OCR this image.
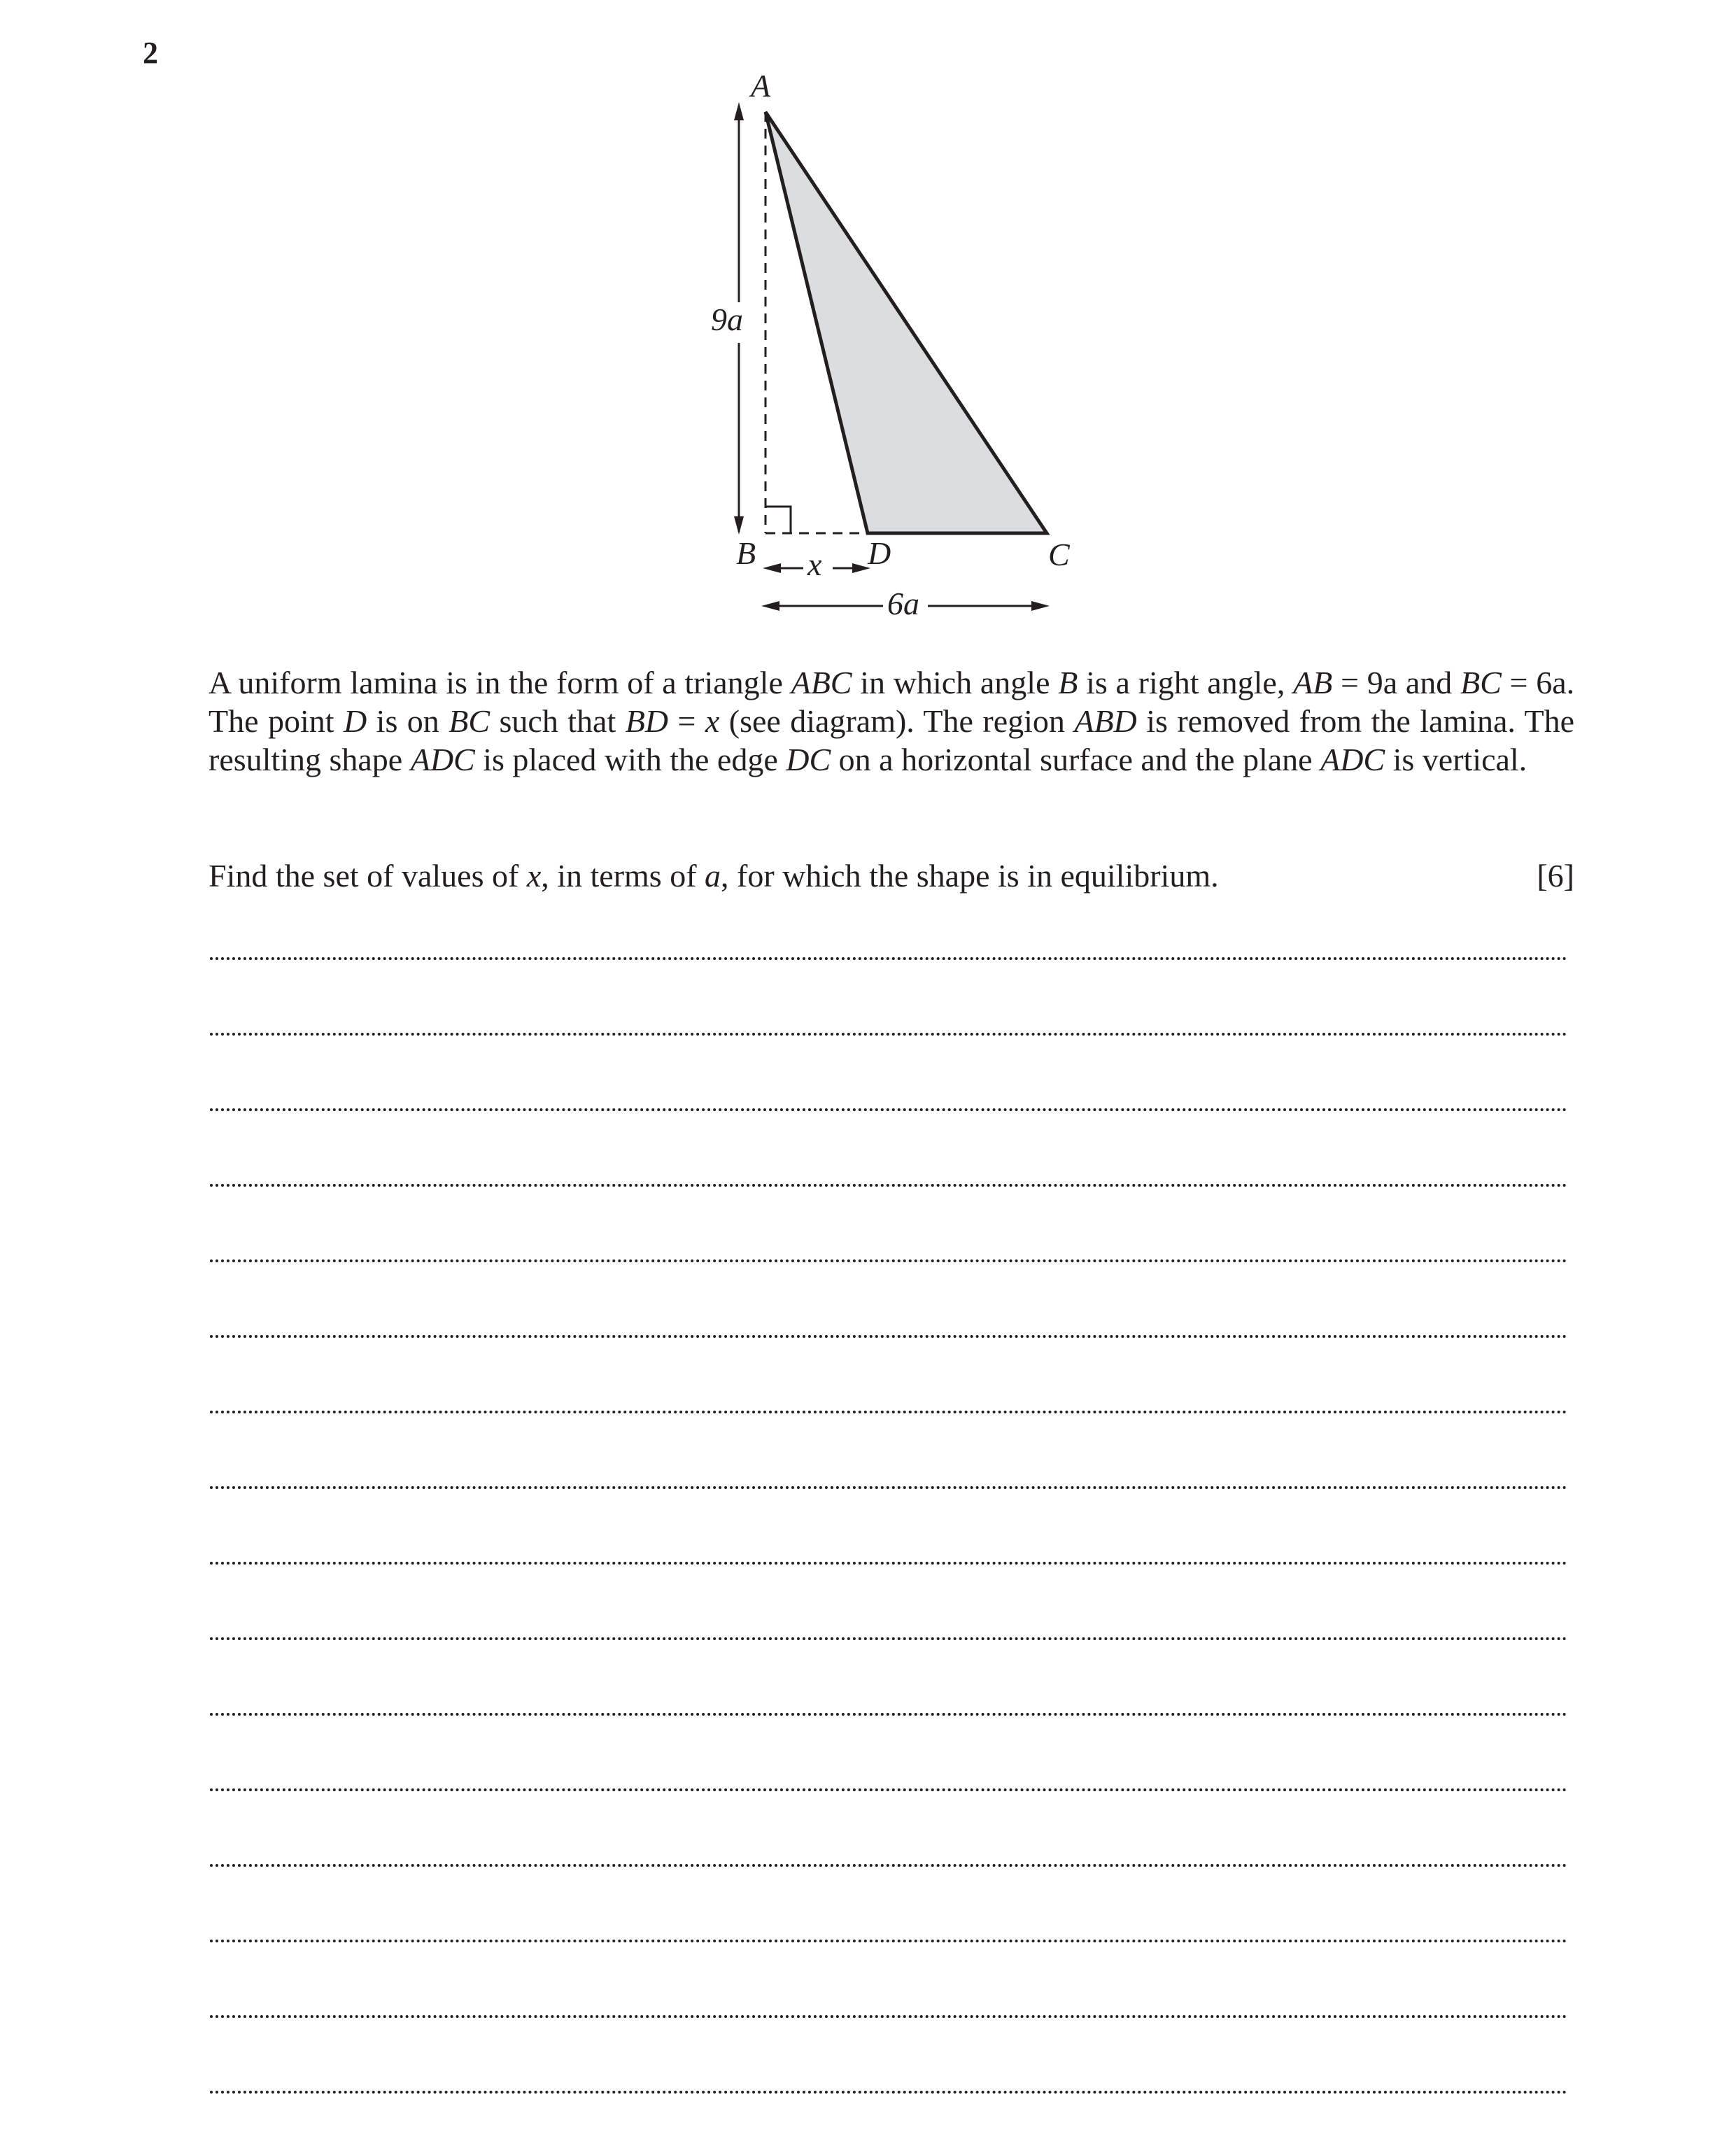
2
A
B	D	C
9a
x
6a
A uniform lamina is in the form of a triangle ABC in which angle B is a right angle, AB = 9a and BC = 6a. The point D is on BC such that BD = x (see diagram). The region ABD is removed from the lamina. The resulting shape ADC is placed with the edge DC on a horizontal surface and the plane ADC is vertical.
Find the set of values of x, in terms of a, for which the shape is in equilibrium.	[6]
